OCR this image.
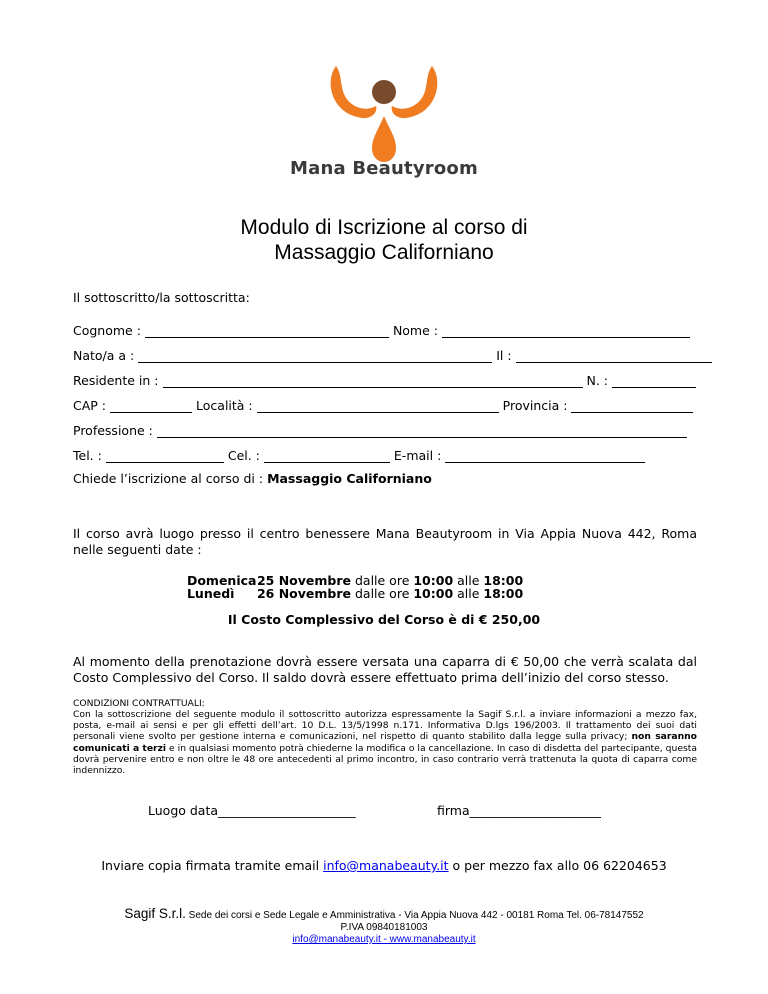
Mana Beautyroom
Modulo di Iscrizione al corso di
Massaggio Californiano
Il sottoscritto/la sottoscritta:
Cognome :	Nome :
Nato/a a :	Il :
Residente in :	N. :
CAP :	Località :	Provincia :
Professione :
Tel. :	Cel. :	E-mail :
Chiede l’iscrizione al corso di : Massaggio Californiano
Il corso avrà luogo presso il centro benessere Mana Beautyroom in Via Appia Nuova 442, Roma nelle seguenti date :

Domenica25 Novembre dalle ore 10:00 alle 18:00

Lunedì 26 Novembre dalle ore 10:00 alle 18:00

Il Costo Complessivo del Corso è di € 250,00
Al momento della prenotazione dovrà essere versata una caparra di € 50,00 che verrà scalata dal Costo Complessivo del Corso. Il saldo dovrà essere effettuato prima dell’inizio del corso stesso.
CONDIZIONI CONTRATTUALI:
Con la sottoscrizione del seguente modulo il sottoscritto autorizza espressamente la Sagif S.r.l. a inviare informazioni a mezzo fax, posta, e-mail ai sensi e per gli effetti dell’art. 10 D.L. 13/5/1998 n.171. Informativa D.lgs 196/2003. Il trattamento dei suoi dati personali viene svolto per gestione interna e comunicazioni, nel rispetto di quanto stabilito dalla legge sulla privacy; non saranno comunicati a terzi e in qualsiasi momento potrà chiederne la modifica o la cancellazione. In caso di disdetta del partecipante, questa dovrà pervenire entro e non oltre le 48 ore antecedenti al primo incontro, in caso contrario verrà trattenuta la quota di caparra come indennizzo.
Luogo data______________________	firma_____________________
Inviare copia firmata tramite email info@manabeauty.it o per mezzo fax allo 06 62204653
Sagif S.r.l. Sede dei corsi e Sede Legale e Amministrativa - Via Appia Nuova 442 - 00181 Roma Tel. 06-78147552
P.IVA 09840181003
info@manabeauty.it - www.manabeauty.it
